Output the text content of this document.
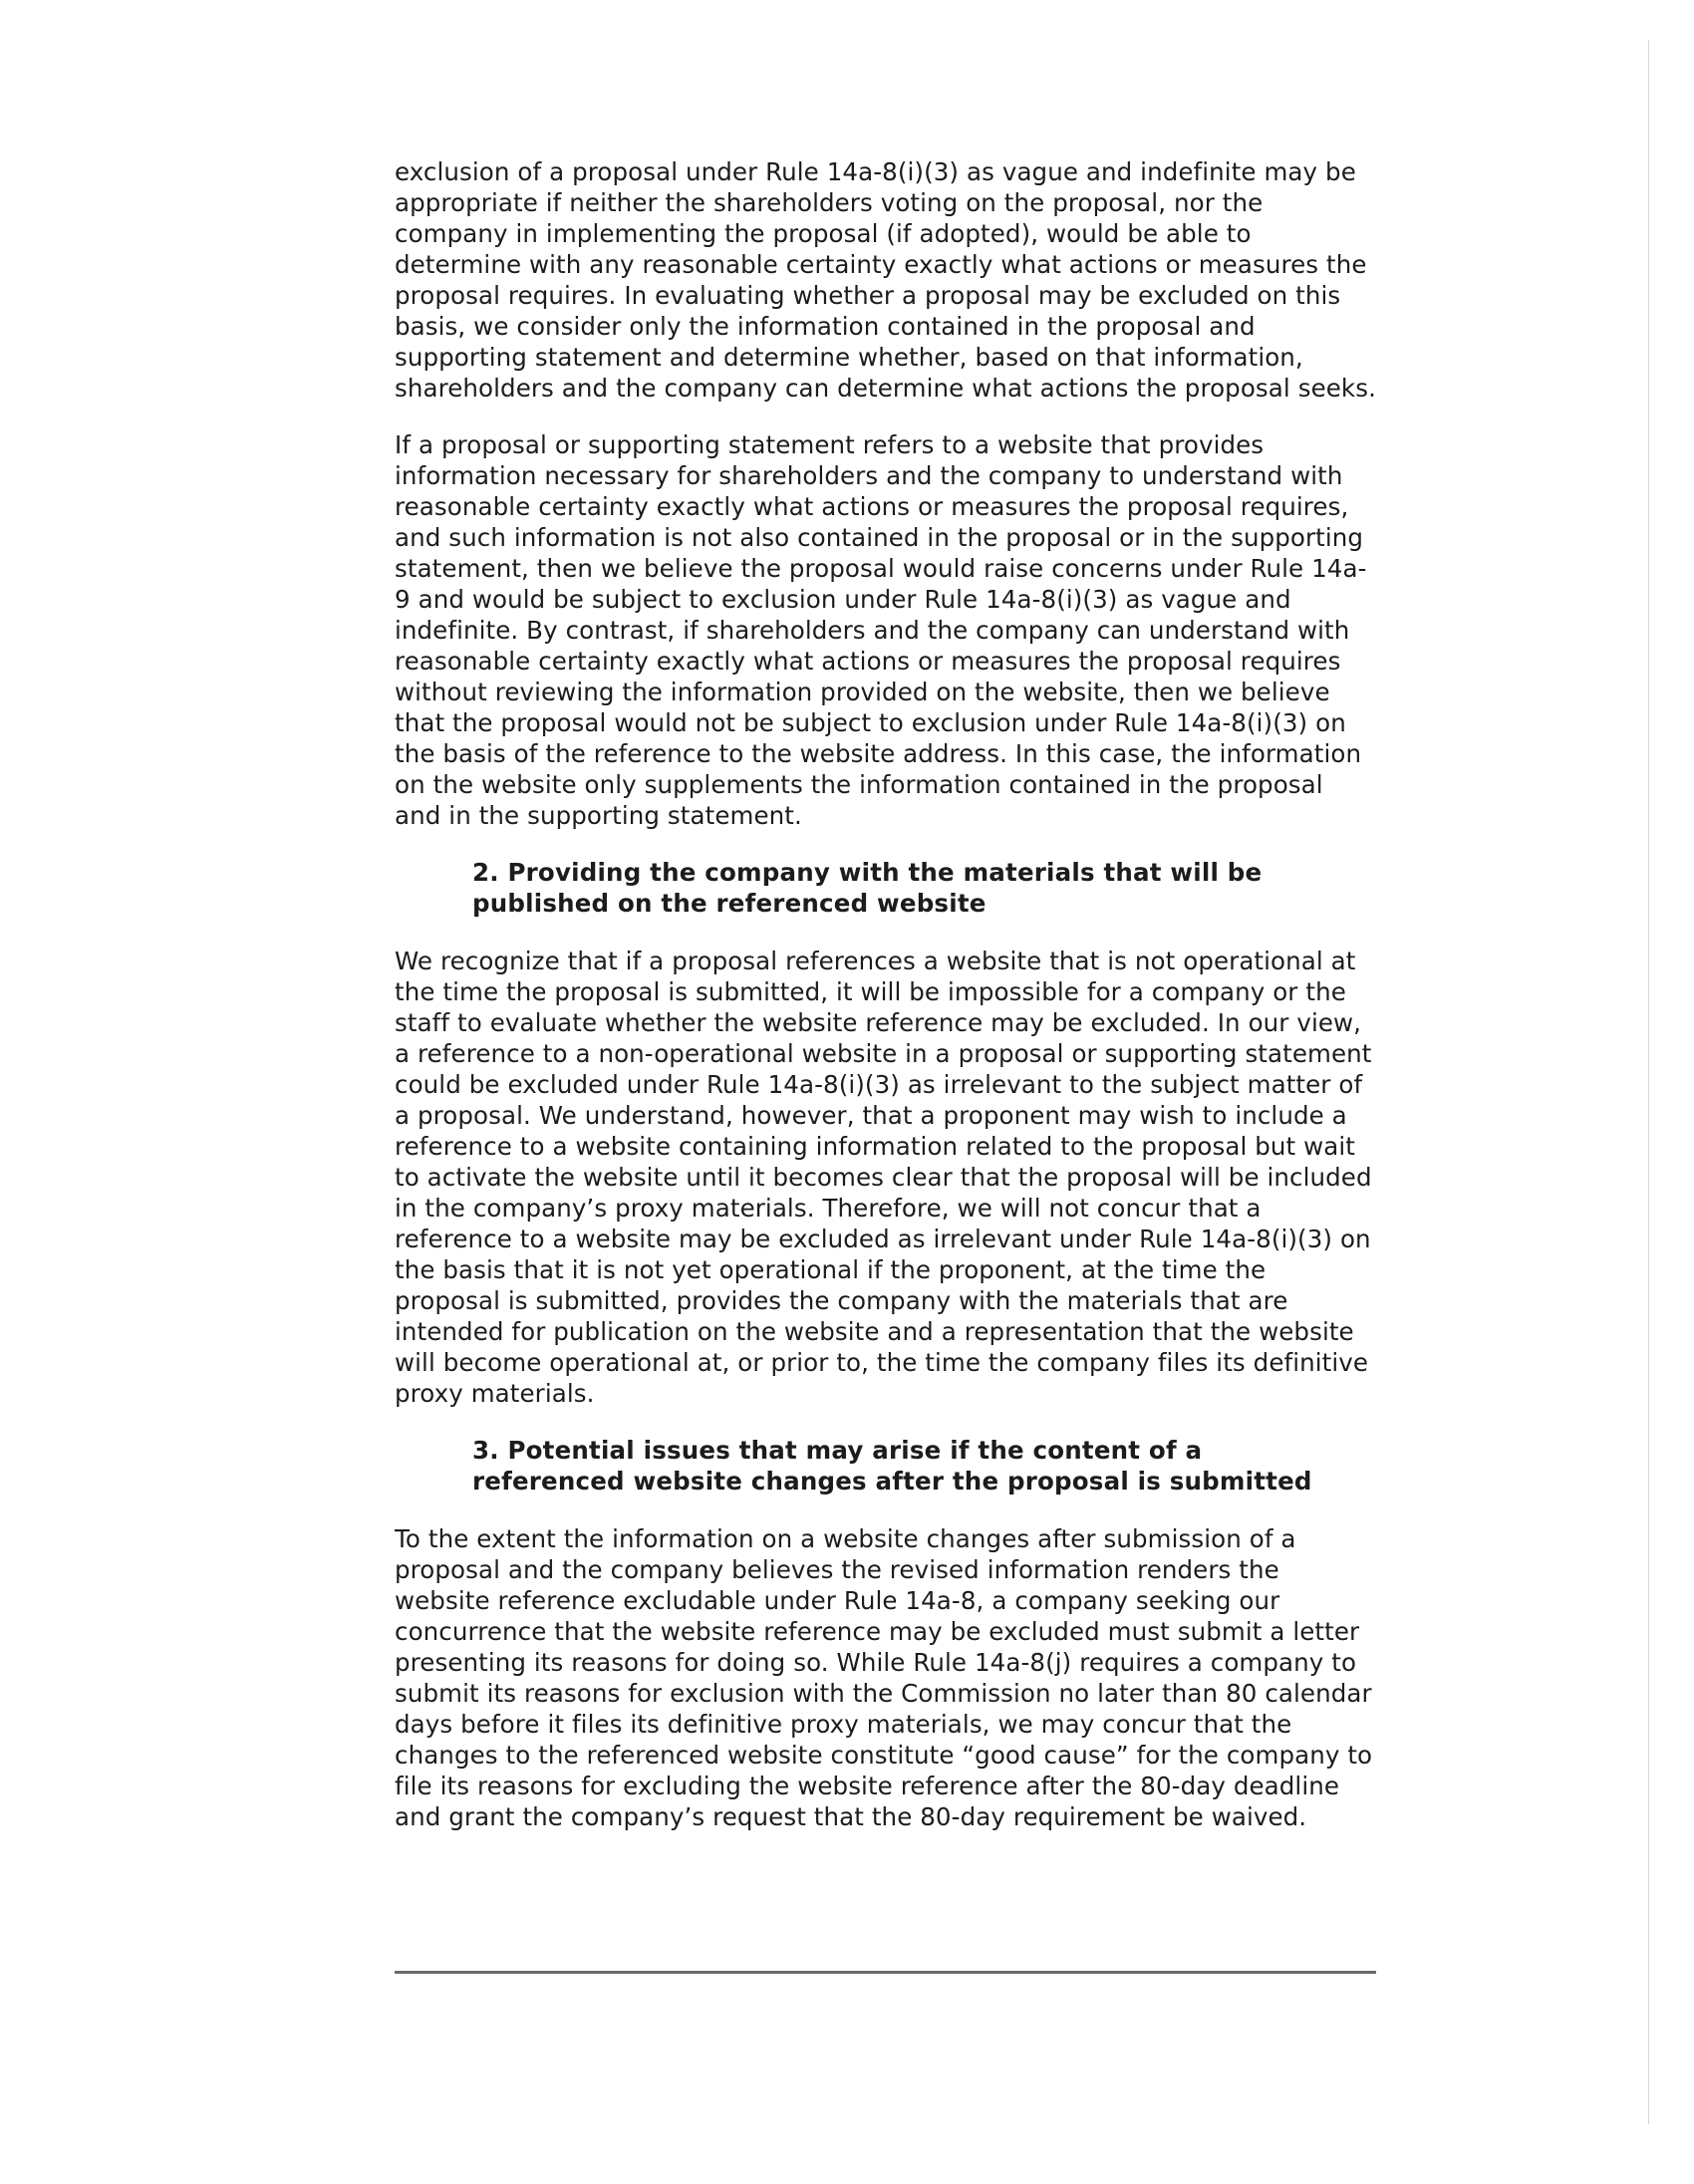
exclusion of a proposal under Rule 14a-8(i)(3) as vague and indefinite may be appropriate if neither the shareholders voting on the proposal, nor the company in implementing the proposal (if adopted), would be able to determine with any reasonable certainty exactly what actions or measures the proposal requires. In evaluating whether a proposal may be excluded on this basis, we consider only the information contained in the proposal and supporting statement and determine whether, based on that information, shareholders and the company can determine what actions the proposal seeks.

If a proposal or supporting statement refers to a website that provides information necessary for shareholders and the company to understand with reasonable certainty exactly what actions or measures the proposal requires, and such information is not also contained in the proposal or in the supporting statement, then we believe the proposal would raise concerns under Rule 14a-9 and would be subject to exclusion under Rule 14a-8(i)(3) as vague and indefinite. By contrast, if shareholders and the company can understand with reasonable certainty exactly what actions or measures the proposal requires without reviewing the information provided on the website, then we believe that the proposal would not be subject to exclusion under Rule 14a-8(i)(3) on the basis of the reference to the website address. In this case, the information on the website only supplements the information contained in the proposal and in the supporting statement.

2. Providing the company with the materials that will be published on the referenced website

We recognize that if a proposal references a website that is not operational at the time the proposal is submitted, it will be impossible for a company or the staff to evaluate whether the website reference may be excluded. In our view, a reference to a non-operational website in a proposal or supporting statement could be excluded under Rule 14a-8(i)(3) as irrelevant to the subject matter of a proposal. We understand, however, that a proponent may wish to include a reference to a website containing information related to the proposal but wait to activate the website until it becomes clear that the proposal will be included in the company’s proxy materials. Therefore, we will not concur that a reference to a website may be excluded as irrelevant under Rule 14a-8(i)(3) on the basis that it is not yet operational if the proponent, at the time the proposal is submitted, provides the company with the materials that are intended for publication on the website and a representation that the website will become operational at, or prior to, the time the company files its definitive proxy materials.

3. Potential issues that may arise if the content of a referenced website changes after the proposal is submitted

To the extent the information on a website changes after submission of a proposal and the company believes the revised information renders the website reference excludable under Rule 14a-8, a company seeking our concurrence that the website reference may be excluded must submit a letter presenting its reasons for doing so. While Rule 14a-8(j) requires a company to submit its reasons for exclusion with the Commission no later than 80 calendar days before it files its definitive proxy materials, we may concur that the changes to the referenced website constitute “good cause” for the company to file its reasons for excluding the website reference after the 80-day deadline and grant the company’s request that the 80-day requirement be waived.
